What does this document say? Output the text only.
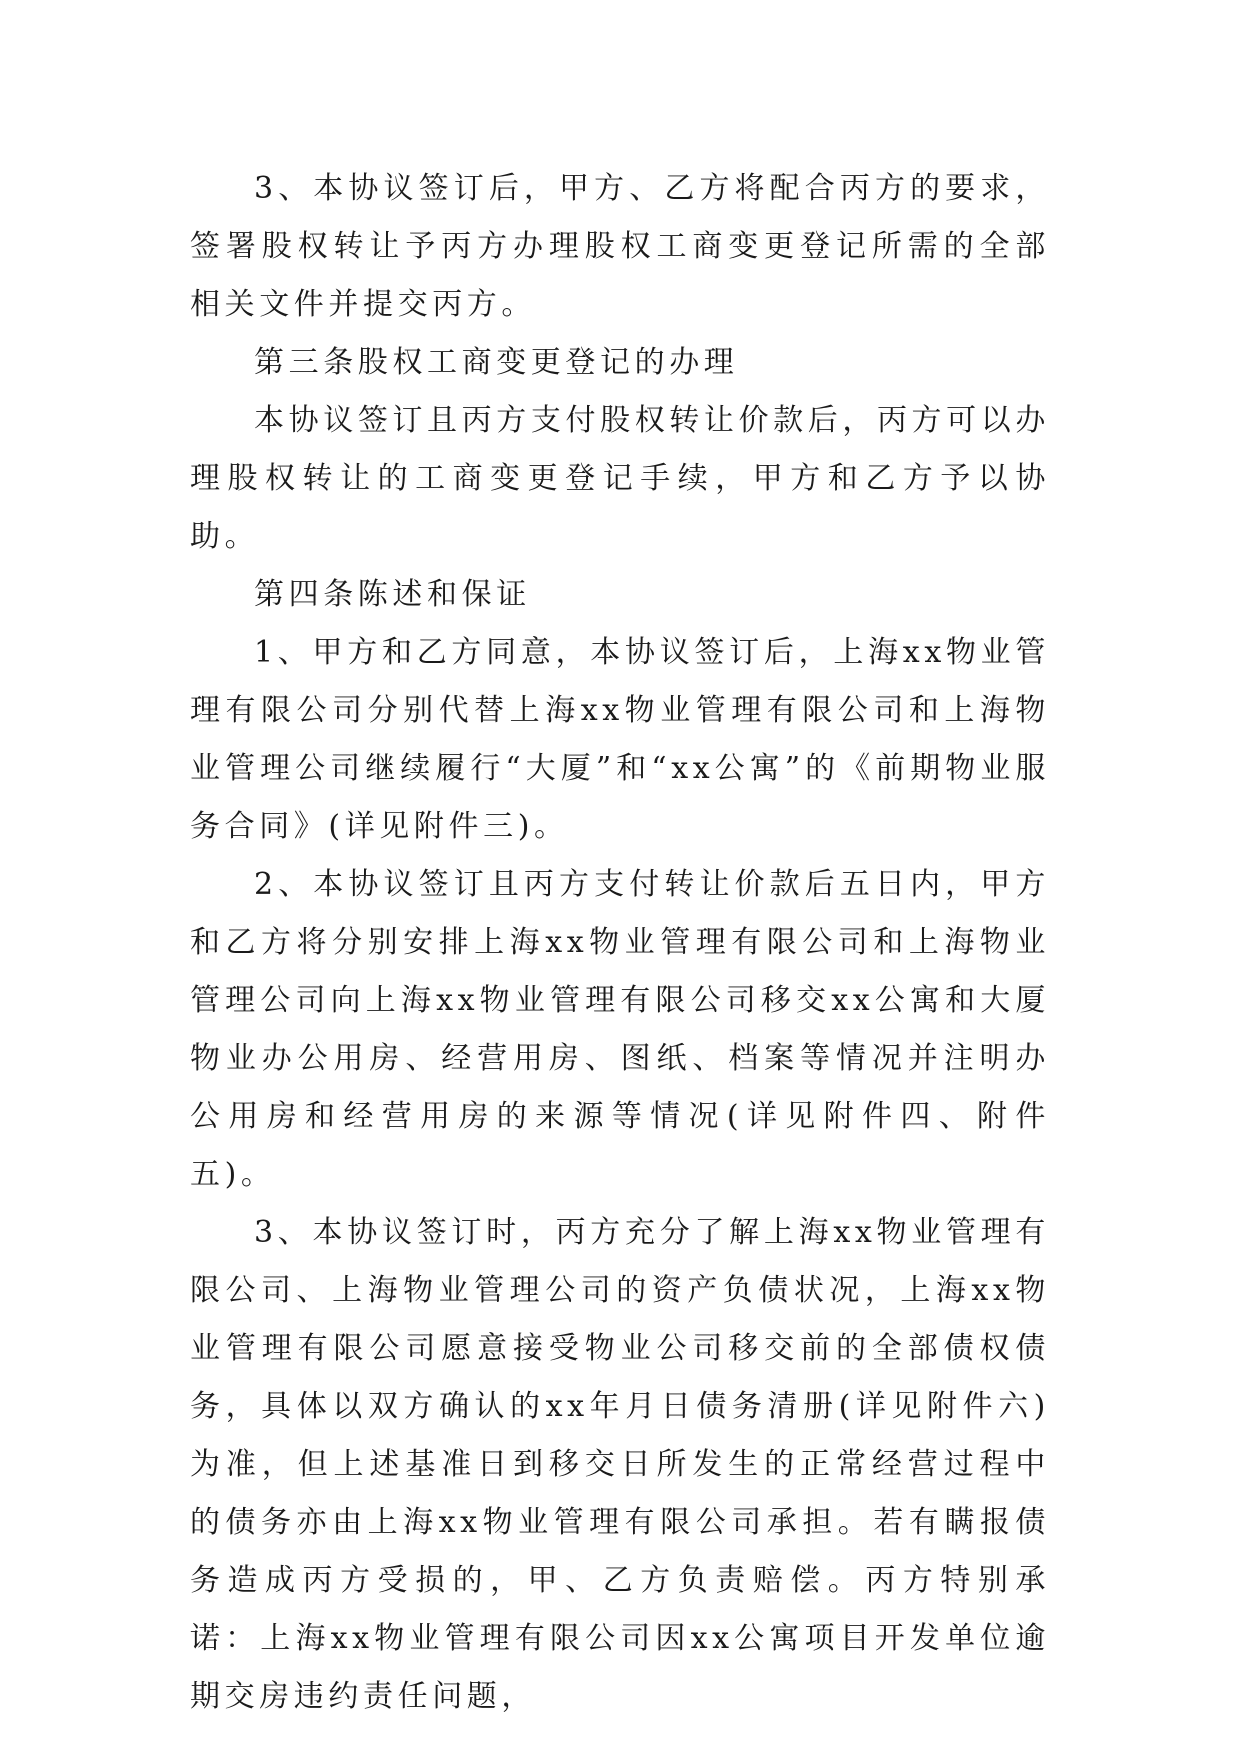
3、本协议签订后，甲方、乙方将配合丙方的要求，签署股权转让予丙方办理股权工商变更登记所需的全部相关文件并提交丙方。

第三条股权工商变更登记的办理

本协议签订且丙方支付股权转让价款后，丙方可以办理股权转让的工商变更登记手续，甲方和乙方予以协助。

第四条陈述和保证

1、甲方和乙方同意，本协议签订后，上海xx物业管理有限公司分别代替上海xx物业管理有限公司和上海物业管理公司继续履行“大厦”和“xx公寓”的《前期物业服务合同》(详见附件三)。

2、本协议签订且丙方支付转让价款后五日内，甲方和乙方将分别安排上海xx物业管理有限公司和上海物业管理公司向上海xx物业管理有限公司移交xx公寓和大厦物业办公用房、经营用房、图纸、档案等情况并注明办公用房和经营用房的来源等情况(详见附件四、附件五)。

3、本协议签订时，丙方充分了解上海xx物业管理有限公司、上海物业管理公司的资产负债状况，上海xx物业管理有限公司愿意接受物业公司移交前的全部债权债务，具体以双方确认的xx年月日债务清册(详见附件六)为准，但上述基准日到移交日所发生的正常经营过程中的债务亦由上海xx物业管理有限公司承担。若有瞒报债务造成丙方受损的，甲、乙方负责赔偿。丙方特别承诺：上海xx物业管理有限公司因xx公寓项目开发单位逾期交房违约责任问题，
